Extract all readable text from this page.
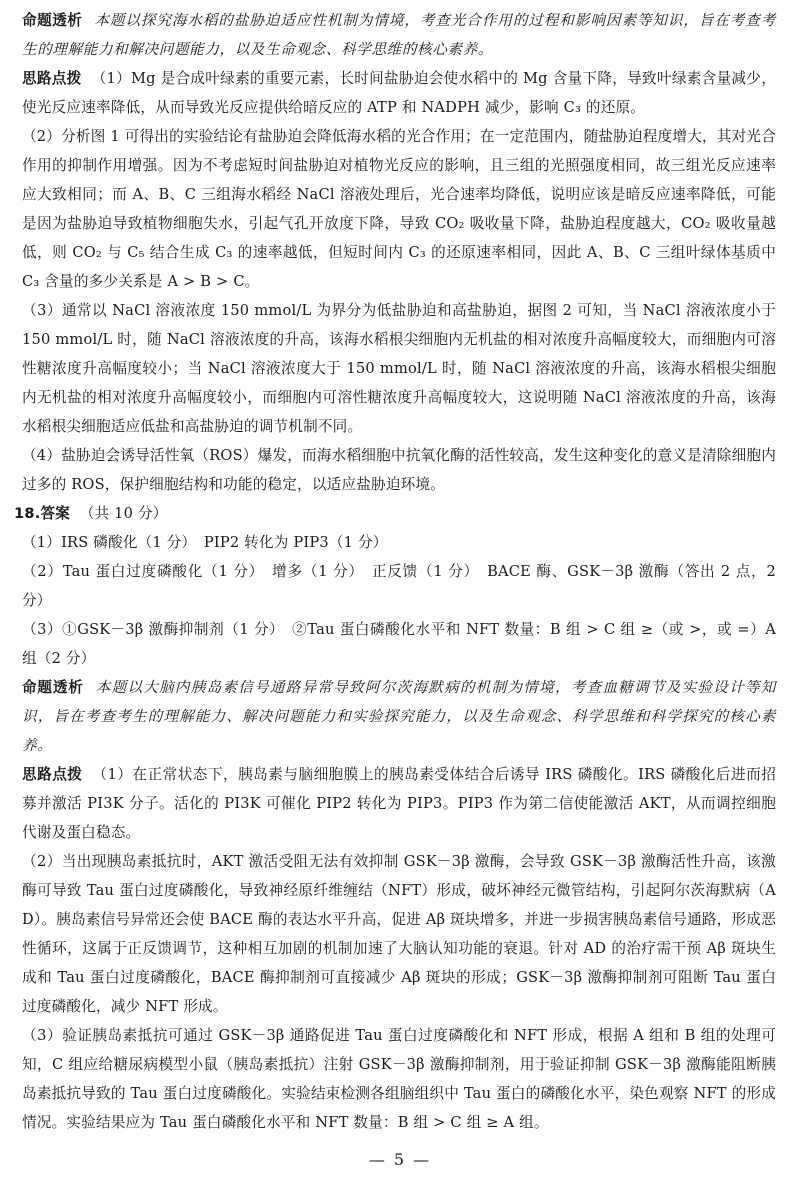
命题透析 本题以探究海水稻的盐胁迫适应性机制为情境，考查光合作用的过程和影响因素等知识，旨在考查考生的理解能力和解决问题能力，以及生命观念、科学思维的核心素养。
思路点拨 （1）Mg 是合成叶绿素的重要元素，长时间盐胁迫会使水稻中的 Mg 含量下降，导致叶绿素含量减少，使光反应速率降低，从而导致光反应提供给暗反应的 ATP 和 NADPH 减少，影响 C₃ 的还原。
（2）分析图 1 可得出的实验结论有盐胁迫会降低海水稻的光合作用；在一定范围内，随盐胁迫程度增大，其对光合作用的抑制作用增强。因为不考虑短时间盐胁迫对植物光反应的影响，且三组的光照强度相同，故三组光反应速率应大致相同；而 A、B、C 三组海水稻经 NaCl 溶液处理后，光合速率均降低，说明应该是暗反应速率降低，可能是因为盐胁迫导致植物细胞失水，引起气孔开放度下降，导致 CO₂ 吸收量下降，盐胁迫程度越大，CO₂ 吸收量越低，则 CO₂ 与 C₅ 结合生成 C₃ 的速率越低，但短时间内 C₃ 的还原速率相同，因此 A、B、C 三组叶绿体基质中 C₃ 含量的多少关系是 A > B > C。
（3）通常以 NaCl 溶液浓度 150 mmol/L 为界分为低盐胁迫和高盐胁迫，据图 2 可知，当 NaCl 溶液浓度小于 150 mmol/L 时，随 NaCl 溶液浓度的升高，该海水稻根尖细胞内无机盐的相对浓度升高幅度较大，而细胞内可溶性糖浓度升高幅度较小；当 NaCl 溶液浓度大于 150 mmol/L 时，随 NaCl 溶液浓度的升高，该海水稻根尖细胞内无机盐的相对浓度升高幅度较小，而细胞内可溶性糖浓度升高幅度较大，这说明随 NaCl 溶液浓度的升高，该海水稻根尖细胞适应低盐和高盐胁迫的调节机制不同。
（4）盐胁迫会诱导活性氧（ROS）爆发，而海水稻细胞中抗氧化酶的活性较高，发生这种变化的意义是清除细胞内过多的 ROS，保护细胞结构和功能的稳定，以适应盐胁迫环境。
18.答案 （共 10 分）
（1）IRS 磷酸化（1 分）　PIP2 转化为 PIP3（1 分）
（2）Tau 蛋白过度磷酸化（1 分）　增多（1 分）　正反馈（1 分）　BACE 酶、GSK－3β 激酶（答出 2 点，2 分）
（3）①GSK－3β 激酶抑制剂（1 分）　②Tau 蛋白磷酸化水平和 NFT 数量：B 组 > C 组 ≥（或 >，或 =）A 组（2 分）
命题透析 本题以大脑内胰岛素信号通路异常导致阿尔茨海默病的机制为情境，考查血糖调节及实验设计等知识，旨在考查考生的理解能力、解决问题能力和实验探究能力，以及生命观念、科学思维和科学探究的核心素养。
思路点拨 （1）在正常状态下，胰岛素与脑细胞膜上的胰岛素受体结合后诱导 IRS 磷酸化。IRS 磷酸化后进而招募并激活 PI3K 分子。活化的 PI3K 可催化 PIP2 转化为 PIP3。PIP3 作为第二信使能激活 AKT，从而调控细胞代谢及蛋白稳态。
（2）当出现胰岛素抵抗时，AKT 激活受阻无法有效抑制 GSK－3β 激酶，会导致 GSK－3β 激酶活性升高，该激酶可导致 Tau 蛋白过度磷酸化，导致神经原纤维缠结（NFT）形成，破坏神经元微管结构，引起阿尔茨海默病（AD）。胰岛素信号异常还会使 BACE 酶的表达水平升高，促进 Aβ 斑块增多，并进一步损害胰岛素信号通路，形成恶性循环，这属于正反馈调节，这种相互加剧的机制加速了大脑认知功能的衰退。针对 AD 的治疗需干预 Aβ 斑块生成和 Tau 蛋白过度磷酸化，BACE 酶抑制剂可直接减少 Aβ 斑块的形成；GSK－3β 激酶抑制剂可阻断 Tau 蛋白过度磷酸化，减少 NFT 形成。
（3）验证胰岛素抵抗可通过 GSK－3β 通路促进 Tau 蛋白过度磷酸化和 NFT 形成，根据 A 组和 B 组的处理可知，C 组应给糖尿病模型小鼠（胰岛素抵抗）注射 GSK－3β 激酶抑制剂，用于验证抑制 GSK－3β 激酶能阻断胰岛素抵抗导致的 Tau 蛋白过度磷酸化。实验结束检测各组脑组织中 Tau 蛋白的磷酸化水平，染色观察 NFT 的形成情况。实验结果应为 Tau 蛋白磷酸化水平和 NFT 数量：B 组 > C 组 ≥ A 组。
— 5 —
